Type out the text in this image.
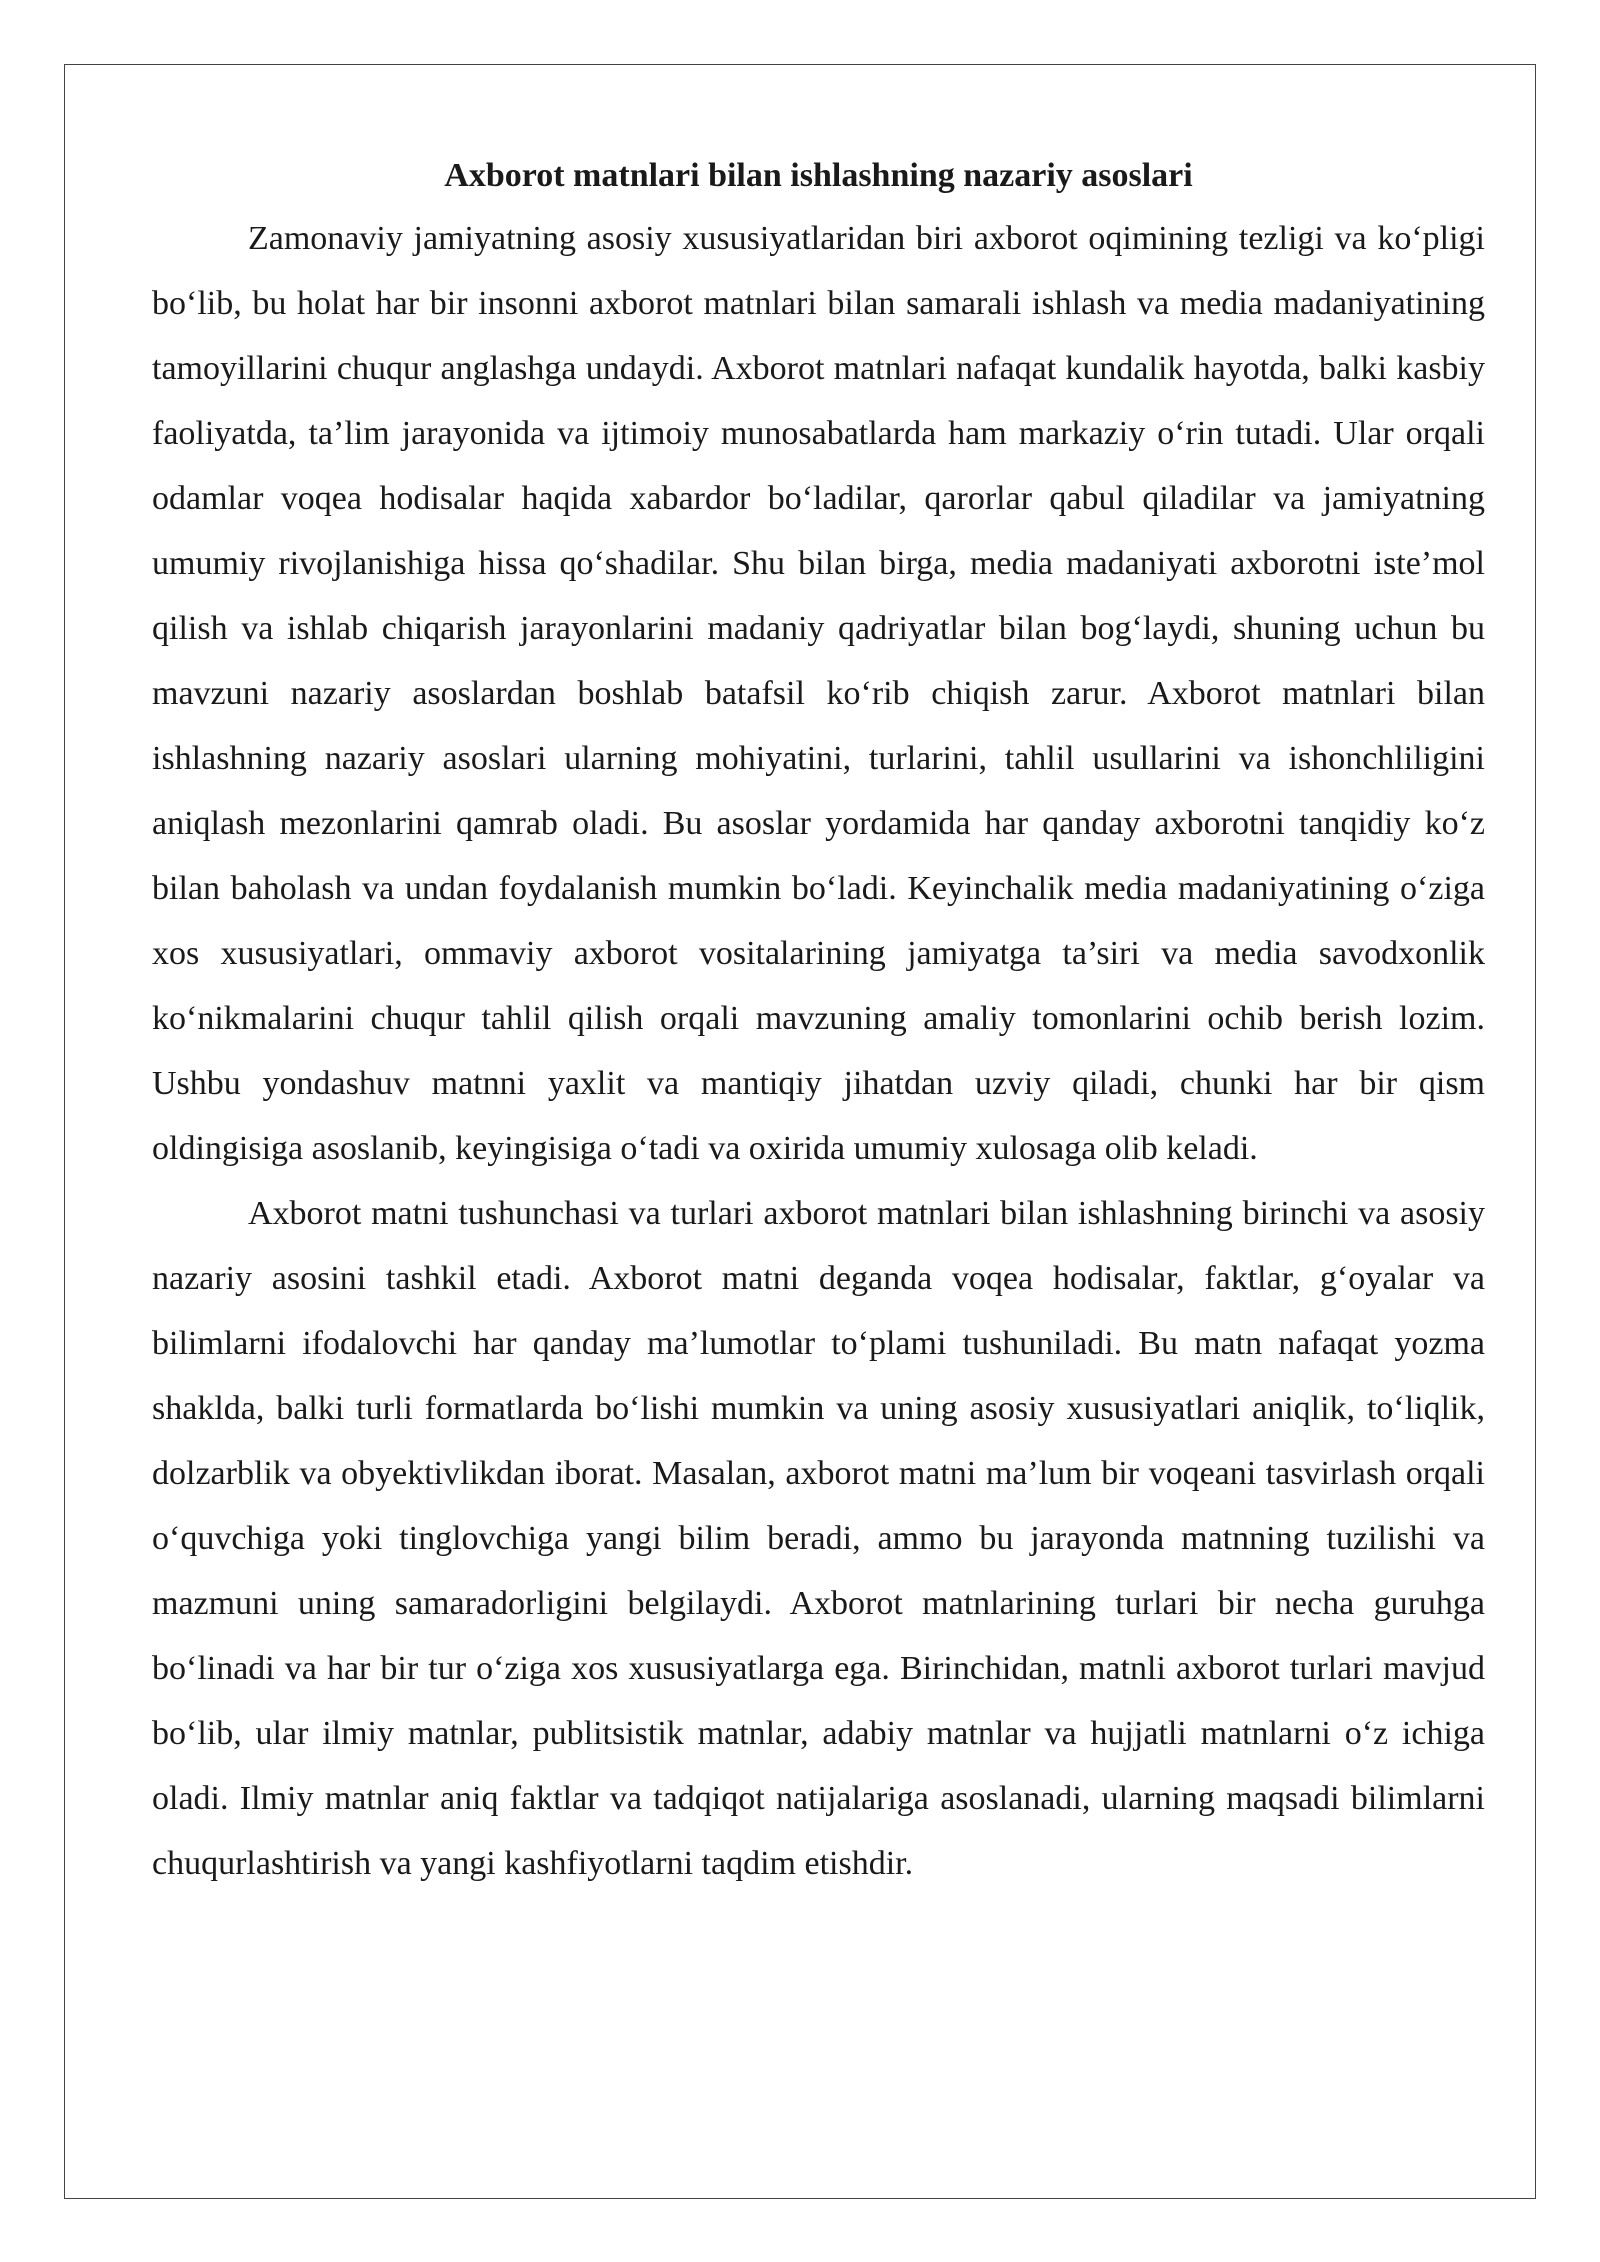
Axborot matnlari bilan ishlashning nazariy asoslari

Zamonaviy jamiyatning asosiy xususiyatlaridan biri axborot oqimining tezligi va ko‘pligi bo‘lib, bu holat har bir insonni axborot matnlari bilan samarali ishlash va media madaniyatining tamoyillarini chuqur anglashga undaydi. Axborot matnlari nafaqat kundalik hayotda, balki kasbiy faoliyatda, ta’lim jarayonida va ijtimoiy munosabatlarda ham markaziy o‘rin tutadi. Ular orqali odamlar voqea hodisalar haqida xabardor bo‘ladilar, qarorlar qabul qiladilar va jamiyatning umumiy rivojlanishiga hissa qo‘shadilar. Shu bilan birga, media madaniyati axborotni iste’mol qilish va ishlab chiqarish jarayonlarini madaniy qadriyatlar bilan bog‘laydi, shuning uchun bu mavzuni nazariy asoslardan boshlab batafsil ko‘rib chiqish zarur. Axborot matnlari bilan ishlashning nazariy asoslari ularning mohiyatini, turlarini, tahlil usullarini va ishonchliligini aniqlash mezonlarini qamrab oladi. Bu asoslar yordamida har qanday axborotni tanqidiy ko‘z bilan baholash va undan foydalanish mumkin bo‘ladi. Keyinchalik media madaniyatining o‘ziga xos xususiyatlari, ommaviy axborot vositalarining jamiyatga ta’siri va media savodxonlik ko‘nikmalarini chuqur tahlil qilish orqali mavzuning amaliy tomonlarini ochib berish lozim. Ushbu yondashuv matnni yaxlit va mantiqiy jihatdan uzviy qiladi, chunki har bir qism oldingisiga asoslanib, keyingisiga o‘tadi va oxirida umumiy xulosaga olib keladi.

Axborot matni tushunchasi va turlari axborot matnlari bilan ishlashning birinchi va asosiy nazariy asosini tashkil etadi. Axborot matni deganda voqea hodisalar, faktlar, g‘oyalar va bilimlarni ifodalovchi har qanday ma’lumotlar to‘plami tushuniladi. Bu matn nafaqat yozma shaklda, balki turli formatlarda bo‘lishi mumkin va uning asosiy xususiyatlari aniqlik, to‘liqlik, dolzarblik va obyektivlikdan iborat. Masalan, axborot matni ma’lum bir voqeani tasvirlash orqali o‘quvchiga yoki tinglovchiga yangi bilim beradi, ammo bu jarayonda matnning tuzilishi va mazmuni uning samaradorligini belgilaydi. Axborot matnlarining turlari bir necha guruhga bo‘linadi va har bir tur o‘ziga xos xususiyatlarga ega. Birinchidan, matnli axborot turlari mavjud bo‘lib, ular ilmiy matnlar, publitsistik matnlar, adabiy matnlar va hujjatli matnlarni o‘z ichiga oladi. Ilmiy matnlar aniq faktlar va tadqiqot natijalariga asoslanadi, ularning maqsadi bilimlarni chuqurlashtirish va yangi kashfiyotlarni taqdim etishdir.
